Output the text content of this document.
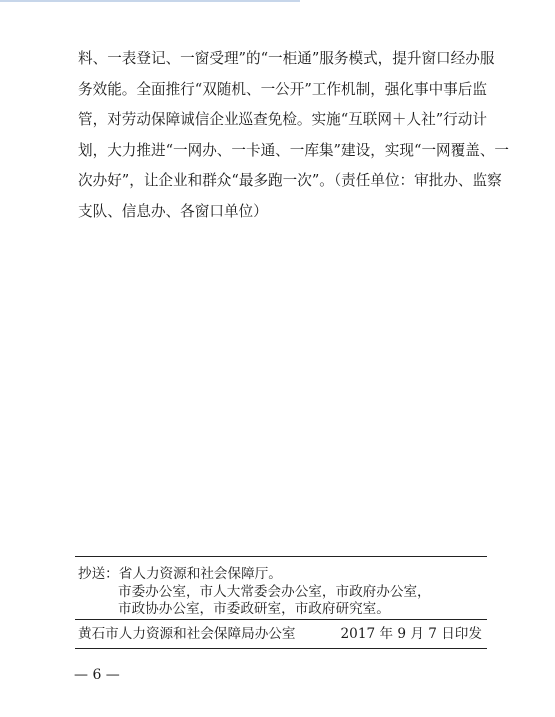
料、一表登记、一窗受理”的“一柜通”服务模式，提升窗口经办服
务效能。全面推行“双随机、一公开”工作机制，强化事中事后监
管，对劳动保障诚信企业巡查免检。实施“互联网＋人社”行动计
划，大力推进“一网办、一卡通、一库集”建设，实现“一网覆盖、一
次办好”，让企业和群众“最多跑一次”。（责任单位：审批办、监察
支队、信息办、各窗口单位）
抄送：省人力资源和社会保障厅。
市委办公室，市人大常委会办公室，市政府办公室，
市政协办公室，市委政研室，市政府研究室。
黄石市人力资源和社会保障局办公室	2017 年 9 月 7 日印发
— 6 —
